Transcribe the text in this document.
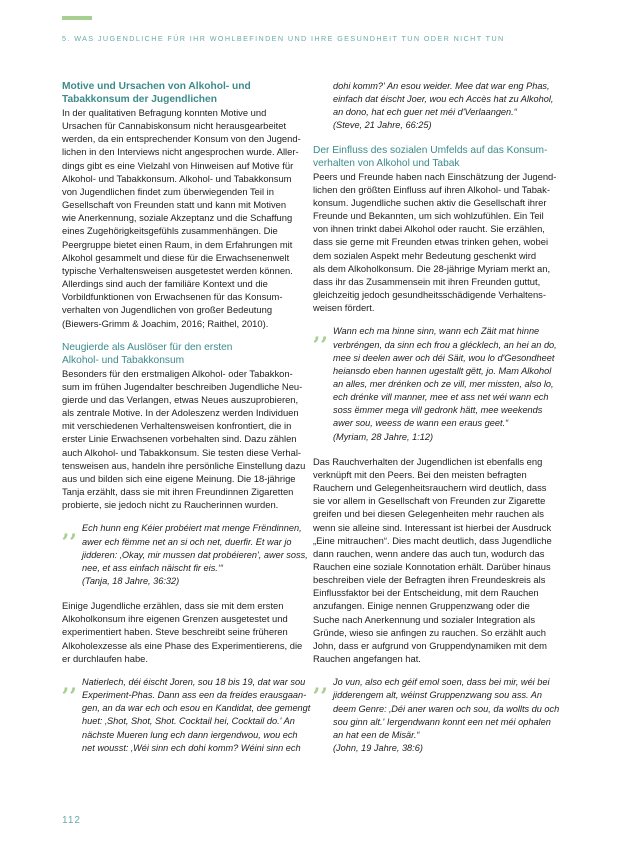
5. WAS JUGENDLICHE FÜR IHR WOHLBEFINDEN UND IHRE GESUNDHEIT TUN ODER NICHT TUN
Motive und Ursachen von Alkohol- und
Tabakkonsum der Jugendlichen
In der qualitativen Befragung konnten Motive und
Ursachen für Cannabiskonsum nicht herausgearbeitet
werden, da ein entsprechender Konsum von den Jugend-
lichen in den Interviews nicht angesprochen wurde. Aller-
dings gibt es eine Vielzahl von Hinweisen auf Motive für
Alkohol- und Tabakkonsum. Alkohol- und Tabakkonsum
von Jugendlichen findet zum überwiegenden Teil in
Gesellschaft von Freunden statt und kann mit Motiven
wie Anerkennung, soziale Akzeptanz und die Schaffung
eines Zugehörigkeitsgefühls zusammenhängen. Die
Peergruppe bietet einen Raum, in dem Erfahrungen mit
Alkohol gesammelt und diese für die Erwachsenenwelt
typische Verhaltensweisen ausgetestet werden können.
Allerdings sind auch der familiäre Kontext und die
Vorbildfunktionen von Erwachsenen für das Konsum-
verhalten von Jugendlichen von großer Bedeutung
(Biewers-Grimm & Joachim, 2016; Raithel, 2010).
Neugierde als Auslöser für den ersten
Alkohol- und Tabakkonsum
Besonders für den erstmaligen Alkohol- oder Tabakkon-
sum im frühen Jugendalter beschreiben Jugendliche Neu-
gierde und das Verlangen, etwas Neues auszuprobieren,
als zentrale Motive. In der Adoleszenz werden Individuen
mit verschiedenen Verhaltensweisen konfrontiert, die in
erster Linie Erwachsenen vorbehalten sind. Dazu zählen
auch Alkohol- und Tabakkonsum. Sie testen diese Verhal-
tensweisen aus, handeln ihre persönliche Einstellung dazu
aus und bilden sich eine eigene Meinung. Die 18-jährige
Tanja erzählt, dass sie mit ihren Freundinnen Zigaretten
probierte, sie jedoch nicht zu Raucherinnen wurden.
‚‚ Ech hunn eng Kéier probéiert mat menge Frëndinnen,
awer ech fëmme net an si och net, duerfir. Et war jo
jidderen: ‚Okay, mir mussen dat probéieren', awer soss,
nee, et ass einfach näischt fir eis.‘“
(Tanja, 18 Jahre, 36:32)
Einige Jugendliche erzählen, dass sie mit dem ersten
Alkoholkonsum ihre eigenen Grenzen ausgetestet und
experimentiert haben. Steve beschreibt seine früheren
Alkoholexzesse als eine Phase des Experimentierens, die
er durchlaufen habe.
‚‚ Natierlech, déi éischt Joren, sou 18 bis 19, dat war sou
Experiment-Phas. Dann ass een da freides erausgaan-
gen, an da war ech och esou en Kandidat, dee gemengt
huet: ‚Shot, Shot, Shot. Cocktail hei, Cocktail do.' An
nächste Mueren lung ech dann iergendwou, wou ech
net wousst: ‚Wéi sinn ech dohi komm? Wéini sinn ech
dohi komm?' An esou weider. Mee dat war eng Phas,
einfach dat éischt Joer, wou ech Accès hat zu Alkohol,
an dono, hat ech guer net méi d'Verlaangen.“
(Steve, 21 Jahre, 66:25)
Der Einfluss des sozialen Umfelds auf das Konsum-
verhalten von Alkohol und Tabak
Peers und Freunde haben nach Einschätzung der Jugend-
lichen den größten Einfluss auf ihren Alkohol- und Tabak-
konsum. Jugendliche suchen aktiv die Gesellschaft ihrer
Freunde und Bekannten, um sich wohlzufühlen. Ein Teil
von ihnen trinkt dabei Alkohol oder raucht. Sie erzählen,
dass sie gerne mit Freunden etwas trinken gehen, wobei
dem sozialen Aspekt mehr Bedeutung geschenkt wird
als dem Alkoholkonsum. Die 28-jährige Myriam merkt an,
dass ihr das Zusammensein mit ihren Freunden guttut,
gleichzeitig jedoch gesundheitsschädigende Verhaltens-
weisen fördert.
‚‚ Wann ech ma hinne sinn, wann ech Zäit mat hinne
verbréngen, da sinn ech frou a glécklech, an hei an do,
mee si deelen awer och déi Säit, wou lo d'Gesondheet
heiansdo eben hannen ugestallt gëtt, jo. Mam Alkohol
an alles, mer drénken och ze vill, mer missten, also lo,
ech drénke vill manner, mee et ass net wéi wann ech
soss ëmmer mega vill gedronk hätt, mee weekends
awer sou, weess de wann een eraus geet.“
(Myriam, 28 Jahre, 1:12)
Das Rauchverhalten der Jugendlichen ist ebenfalls eng
verknüpft mit den Peers. Bei den meisten befragten
Rauchern und Gelegenheitsrauchern wird deutlich, dass
sie vor allem in Gesellschaft von Freunden zur Zigarette
greifen und bei diesen Gelegenheiten mehr rauchen als
wenn sie alleine sind. Interessant ist hierbei der Ausdruck
„Eine mitrauchen“. Dies macht deutlich, dass Jugendliche
dann rauchen, wenn andere das auch tun, wodurch das
Rauchen eine soziale Konnotation erhält. Darüber hinaus
beschreiben viele der Befragten ihren Freundeskreis als
Einflussfaktor bei der Entscheidung, mit dem Rauchen
anzufangen. Einige nennen Gruppenzwang oder die
Suche nach Anerkennung und sozialer Integration als
Gründe, wieso sie anfingen zu rauchen. So erzählt auch
John, dass er aufgrund von Gruppendynamiken mit dem
Rauchen angefangen hat.
‚‚ Jo vun, also ech géif emol soen, dass bei mir, wéi bei
jidderengem alt, wéinst Gruppenzwang sou ass. An
deem Genre: ‚Déi aner waren och sou, da wollts du och
sou ginn alt.' Iergendwann konnt een net méi ophalen
an hat een de Misär.“
(John, 19 Jahre, 38:6)
112
